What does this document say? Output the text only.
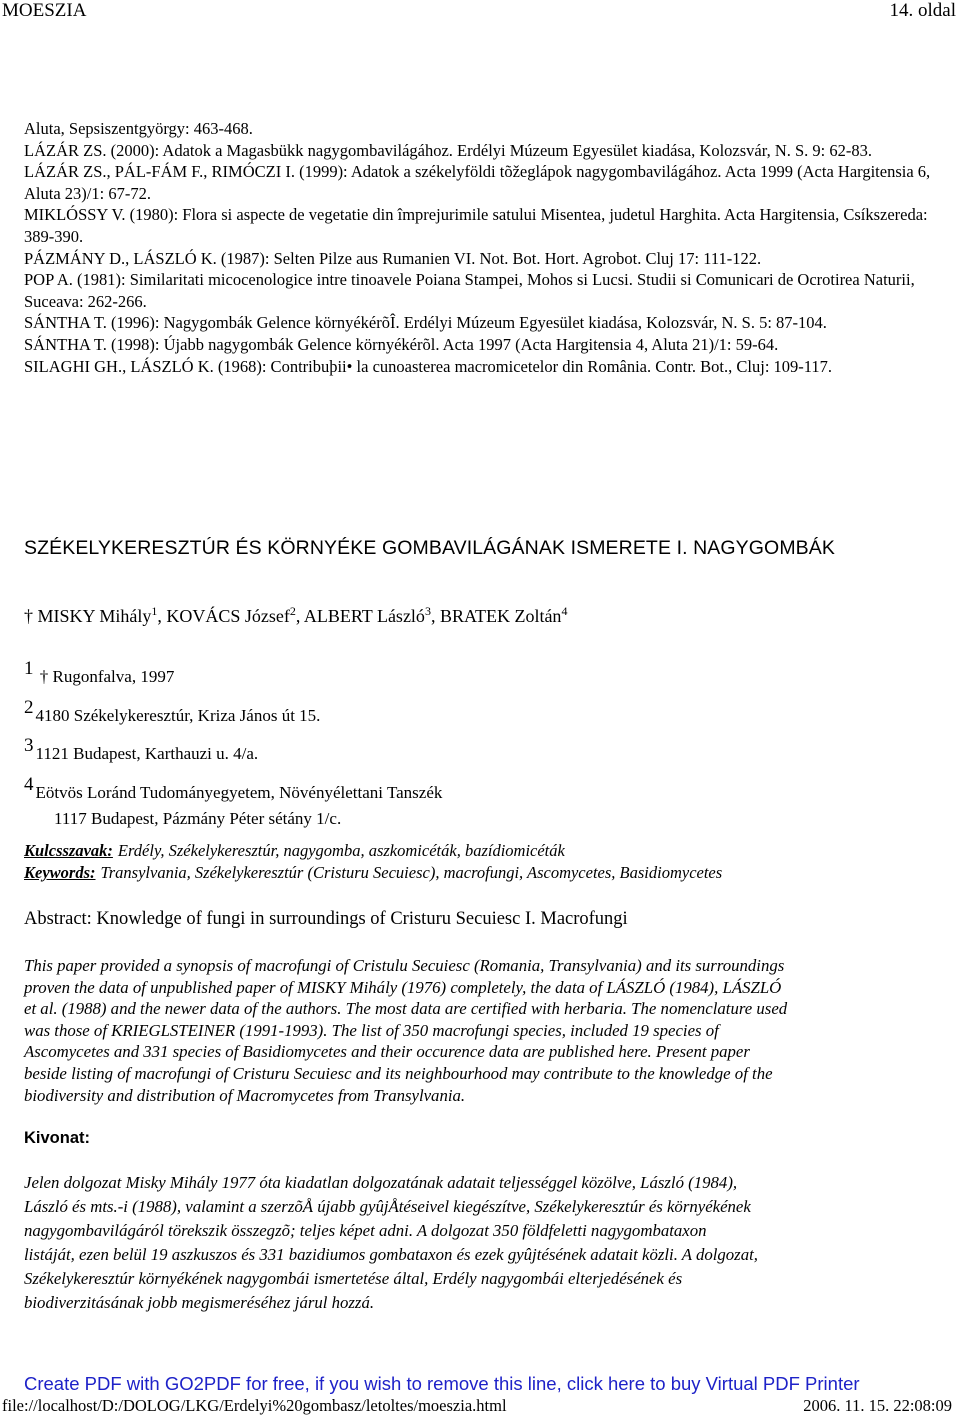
MOESZIA	14. oldal

Aluta, Sepsiszentgyörgy: 463-468.

LÁZÁR ZS. (2000): Adatok a Magasbükk nagygombavilágához. Erdélyi Múzeum Egyesület kiadása, Kolozsvár, N. S. 9: 62-83.

LÁZÁR ZS., PÁL-FÁM F., RIMÓCZI I. (1999): Adatok a székelyföldi tõžeglápok nagygombavilágához. Acta 1999 (Acta Hargitensia 6, Aluta 23)/1: 67-72.

MIKLÓSSY V. (1980): Flora si aspecte de vegetatie din împrejurimile satului Misentea, judetul Harghita. Acta Hargitensia, Csíkszereda: 389-390.

PÁZMÁNY D., LÁSZLÓ K. (1987): Selten Pilze aus Rumanien VI. Not. Bot. Hort. Agrobot. Cluj 17: 111-122.

POP A. (1981): Similaritati micocenologice intre tinoavele Poiana Stampei, Mohos si Lucsi. Studii si Comunicari de Ocrotirea Naturii, Suceava: 262-266.

SÁNTHA T. (1996): Nagygombák Gelence környékérõÎ. Erdélyi Múzeum Egyesület kiadása, Kolozsvár, N. S. 5: 87-104.

SÁNTHA T. (1998): Újabb nagygombák Gelence környékérõl. Acta 1997 (Acta Hargitensia 4, Aluta 21)/1: 59-64.

SILAGHI GH., LÁSZLÓ K. (1968): Contribuþii• la cunoasterea macromicetelor din România. Contr. Bot., Cluj: 109-117.

SZÉKELYKERESZTÚR ÉS KÖRNYÉKE GOMBAVILÁGÁNAK ISMERETE I. NAGYGOMBÁK
† MISKY Mihály$^1$, KOVÁCS József$^2$, ALBERT László$^3$, BRATEK Zoltán$^4$
1 † Rugonfalva, 1997
2 4180 Székelykeresztúr, Kriza János út 15.
3 1121 Budapest, Karthauzi u. 4/a.
4 Eötvös Loránd Tudományegyetem, Növényélettani Tanszék
1117 Budapest, Pázmány Péter sétány 1/c.
Kulcsszavak: Erdély, Székelykeresztúr, nagygomba, aszkomicéták, bazídiomicéták
Keywords: Transylvania, Székelykeresztúr (Cristuru Secuiesc), macrofungi, Ascomycetes, Basidiomycetes
Abstract: Knowledge of fungi in surroundings of Cristuru Secuiesc I. Macrofungi

This paper provided a synopsis of macrofungi of Cristulu Secuiesc (Romania, Transylvania) and its surroundings

proven the data of unpublished paper of MISKY Mihály (1976) completely, the data of LÁSZLÓ (1984), LÁSZLÓ

et al. (1988) and the newer data of the authors. The most data are certified with herbaria. The nomenclature used

was those of KRIEGLSTEINER (1991-1993). The list of 350 macrofungi species, included 19 species of

Ascomycetes and 331 species of Basidiomycetes and their occurence data are published here. Present paper

beside listing of macrofungi of Cristuru Secuiesc and its neighbourhood may contribute to the knowledge of the

biodiversity and distribution of Macromycetes from Transylvania.

Kivonat:

Jelen dolgozat Misky Mihály 1977 óta kiadatlan dolgozatának adatait teljességgel közölve, László (1984),

László és mts.-i (1988), valamint a szerzõÅ újabb gyûjÅtéseivel kiegészítve, Székelykeresztúr és környékének

nagygombavilágáról törekszik összegzõ; teljes képet adni. A dolgozat 350 földfeletti nagygombataxon

listáját, ezen belül 19 aszkuszos és 331 bazidiumos gombataxon és ezek gyûjtésének adatait közli. A dolgozat,

Székelykeresztúr környékének nagygombái ismertetése által, Erdély nagygombái elterjedésének és

biodiverzitásának jobb megismeréséhez járul hozzá.

Create PDF with GO2PDF for free, if you wish to remove this line, click here to buy Virtual PDF Printer
file://localhost/D:/DOLOG/LKG/Erdelyi%20gombasz/letoltes/moeszia.html	2006. 11. 15. 22:08:09
